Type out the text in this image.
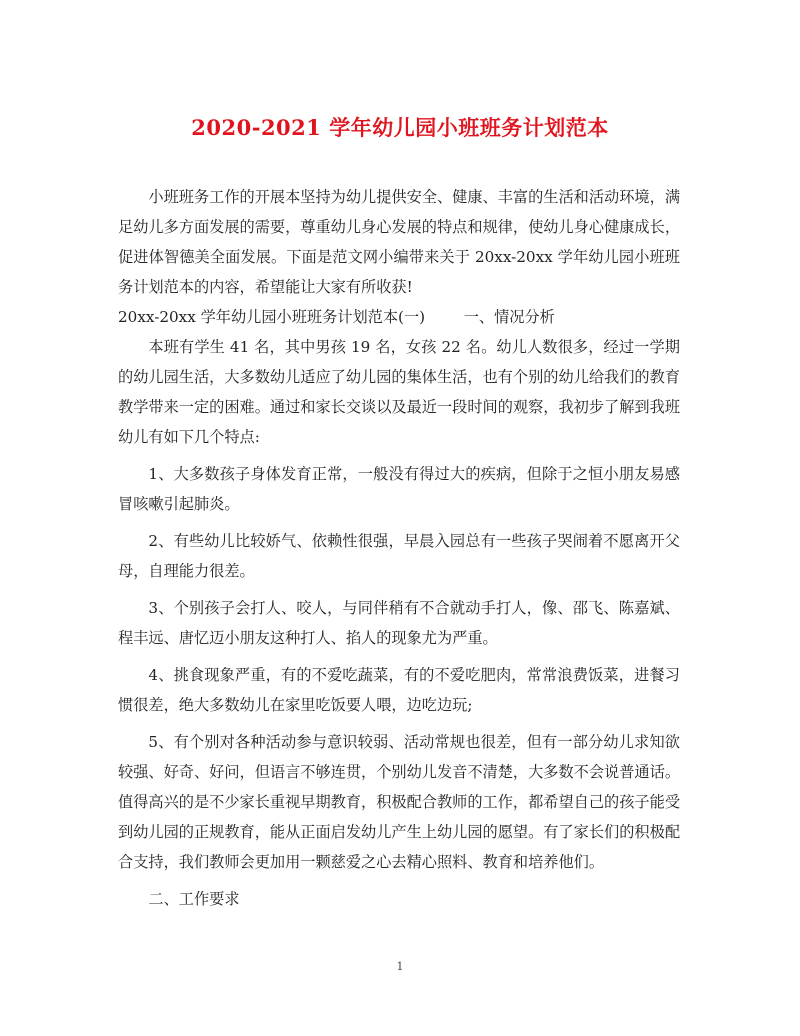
2020-2021 学年幼儿园小班班务计划范本

小班班务工作的开展本坚持为幼儿提供安全、健康、丰富的生活和活动环境，满足幼儿多方面发展的需要，尊重幼儿身心发展的特点和规律，使幼儿身心健康成长，促进体智德美全面发展。下面是范文网小编带来关于 20xx-20xx 学年幼儿园小班班务计划范本的内容，希望能让大家有所收获!

20xx-20xx 学年幼儿园小班班务计划范本(一)	一、情况分析

本班有学生 41 名，其中男孩 19 名，女孩 22 名。幼儿人数很多，经过一学期的幼儿园生活，大多数幼儿适应了幼儿园的集体生活，也有个别的幼儿给我们的教育教学带来一定的困难。通过和家长交谈以及最近一段时间的观察，我初步了解到我班幼儿有如下几个特点:

1、大多数孩子身体发育正常，一般没有得过大的疾病，但除于之恒小朋友易感冒咳嗽引起肺炎。

2、有些幼儿比较娇气、依赖性很强，早晨入园总有一些孩子哭闹着不愿离开父母，自理能力很差。

3、个别孩子会打人、咬人，与同伴稍有不合就动手打人，像、邵飞、陈嘉斌、程丰远、唐忆迈小朋友这种打人、掐人的现象尤为严重。

4、挑食现象严重，有的不爱吃蔬菜，有的不爱吃肥肉，常常浪费饭菜，进餐习惯很差，绝大多数幼儿在家里吃饭要人喂，边吃边玩;

5、有个别对各种活动参与意识较弱、活动常规也很差，但有一部分幼儿求知欲较强、好奇、好问，但语言不够连贯，个别幼儿发音不清楚，大多数不会说普通话。值得高兴的是不少家长重视早期教育，积极配合教师的工作，都希望自己的孩子能受到幼儿园的正规教育，能从正面启发幼儿产生上幼儿园的愿望。有了家长们的积极配合支持，我们教师会更加用一颗慈爱之心去精心照料、教育和培养他们。

二、工作要求

1
